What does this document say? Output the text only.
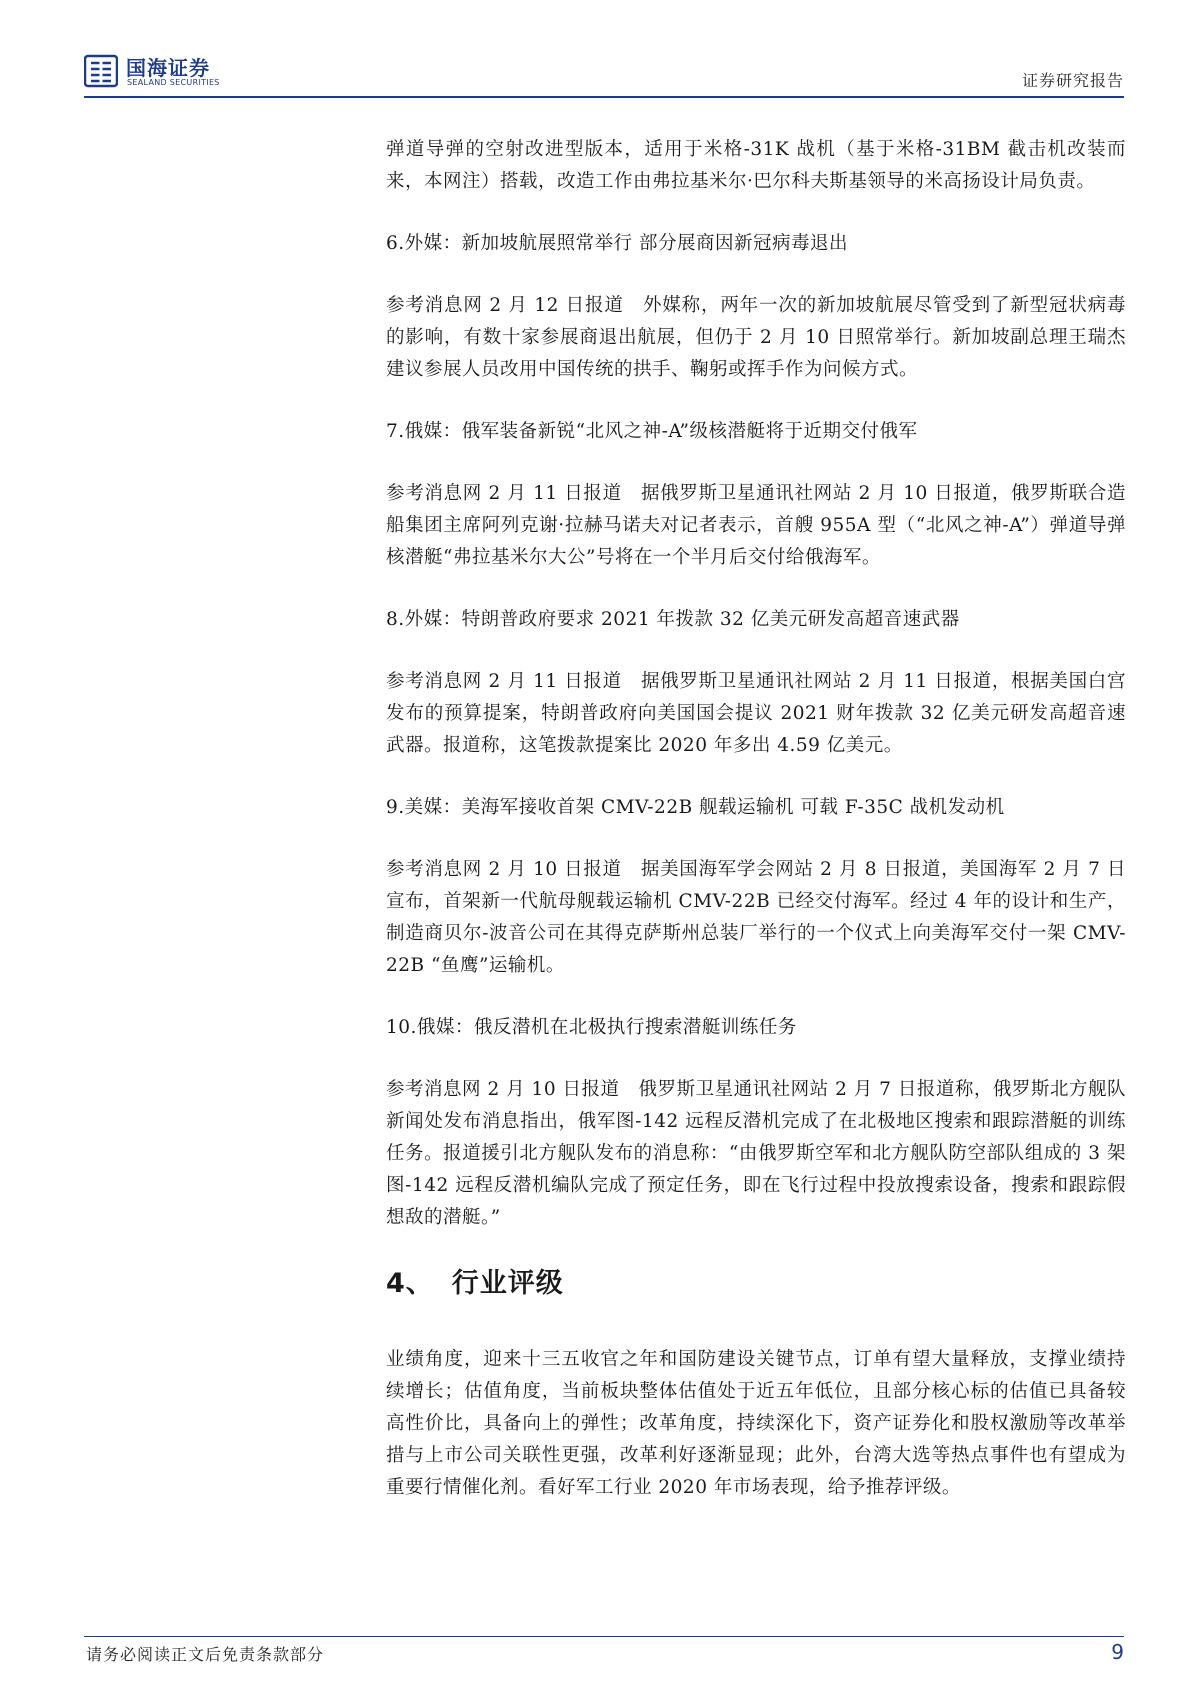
国海证券
SEALAND SECURITIES	证券研究报告

弹道导弹的空射改进型版本，适用于米格-31K 战机（基于米格-31BM 截击机改装而来，本网注）搭载，改造工作由弗拉基米尔·巴尔科夫斯基领导的米高扬设计局负责。

6.外媒：新加坡航展照常举行 部分展商因新冠病毒退出

参考消息网 2 月 12 日报道　外媒称，两年一次的新加坡航展尽管受到了新型冠状病毒的影响，有数十家参展商退出航展，但仍于 2 月 10 日照常举行。新加坡副总理王瑞杰建议参展人员改用中国传统的拱手、鞠躬或挥手作为问候方式。

7.俄媒：俄军装备新锐“北风之神-A”级核潜艇将于近期交付俄军

参考消息网 2 月 11 日报道　据俄罗斯卫星通讯社网站 2 月 10 日报道，俄罗斯联合造船集团主席阿列克谢·拉赫马诺夫对记者表示，首艘 955A 型（“北风之神-A”）弹道导弹核潜艇“弗拉基米尔大公”号将在一个半月后交付给俄海军。

8.外媒：特朗普政府要求 2021 年拨款 32 亿美元研发高超音速武器

参考消息网 2 月 11 日报道　据俄罗斯卫星通讯社网站 2 月 11 日报道，根据美国白宫发布的预算提案，特朗普政府向美国国会提议 2021 财年拨款 32 亿美元研发高超音速武器。报道称，这笔拨款提案比 2020 年多出 4.59 亿美元。

9.美媒：美海军接收首架 CMV-22B 舰载运输机 可载 F-35C 战机发动机

参考消息网 2 月 10 日报道　据美国海军学会网站 2 月 8 日报道，美国海军 2 月 7 日宣布，首架新一代航母舰载运输机 CMV-22B 已经交付海军。经过 4 年的设计和生产，制造商贝尔-波音公司在其得克萨斯州总装厂举行的一个仪式上向美海军交付一架 CMV-22B “鱼鹰”运输机。

10.俄媒：俄反潜机在北极执行搜索潜艇训练任务

参考消息网 2 月 10 日报道　俄罗斯卫星通讯社网站 2 月 7 日报道称，俄罗斯北方舰队新闻处发布消息指出，俄军图-142 远程反潜机完成了在北极地区搜索和跟踪潜艇的训练任务。报道援引北方舰队发布的消息称：“由俄罗斯空军和北方舰队防空部队组成的 3 架图-142 远程反潜机编队完成了预定任务，即在飞行过程中投放搜索设备，搜索和跟踪假想敌的潜艇。”

4、 行业评级

业绩角度，迎来十三五收官之年和国防建设关键节点，订单有望大量释放，支撑业绩持续增长；估值角度，当前板块整体估值处于近五年低位，且部分核心标的估值已具备较高性价比，具备向上的弹性；改革角度，持续深化下，资产证券化和股权激励等改革举措与上市公司关联性更强，改革利好逐渐显现；此外，台湾大选等热点事件也有望成为重要行情催化剂。看好军工行业 2020 年市场表现，给予推荐评级。

请务必阅读正文后免责条款部分	9
